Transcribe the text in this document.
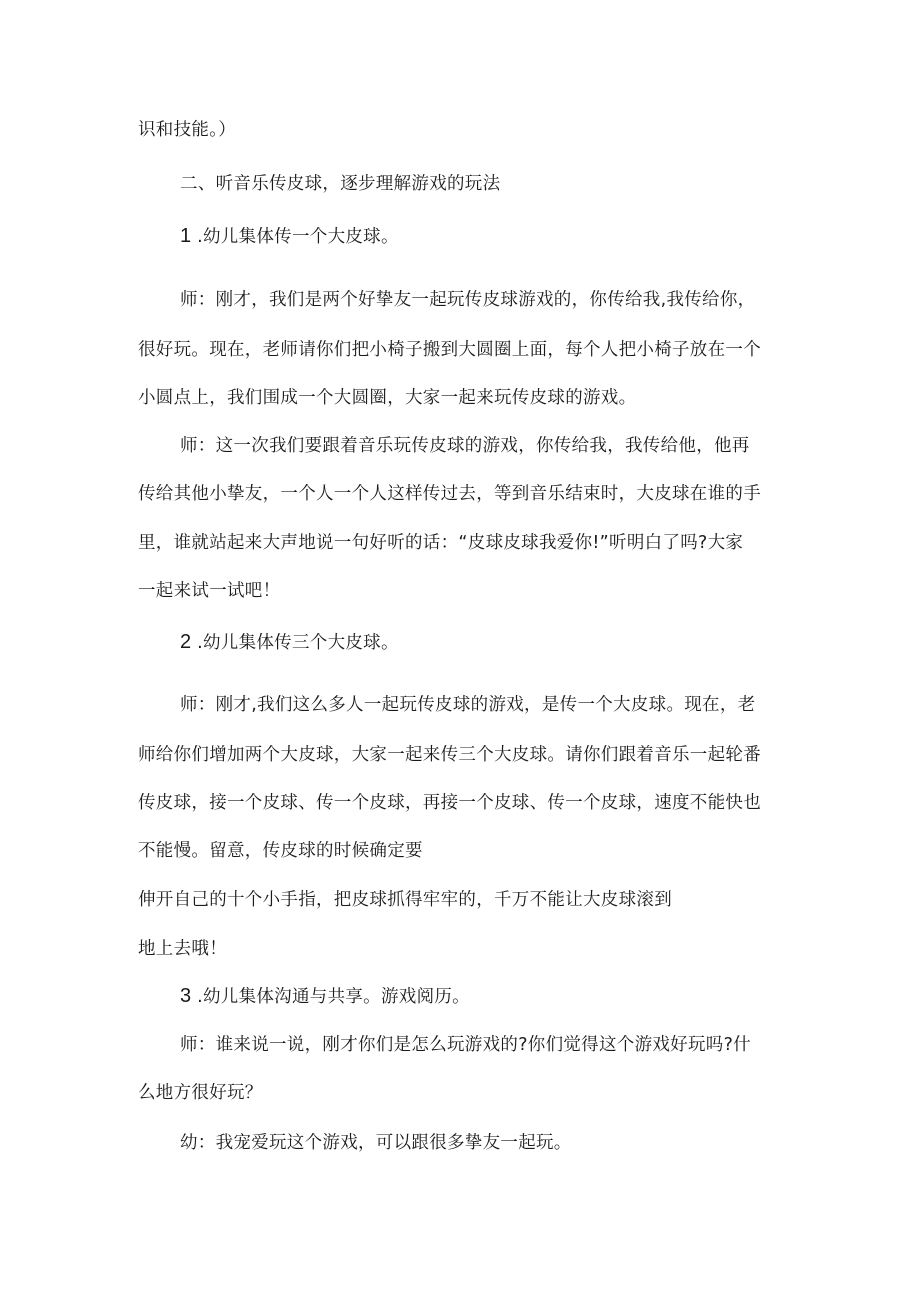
识和技能。）
二、听音乐传皮球，逐步理解游戏的玩法
1 .幼儿集体传一个大皮球。
师：刚才，我们是两个好挚友一起玩传皮球游戏的，你传给我,我传给你，
很好玩。现在，老师请你们把小椅子搬到大圆圈上面，每个人把小椅子放在一个
小圆点上，我们围成一个大圆圈，大家一起来玩传皮球的游戏。
师：这一次我们要跟着音乐玩传皮球的游戏，你传给我，我传给他，他再
传给其他小挚友，一个人一个人这样传过去，等到音乐结束时，大皮球在谁的手
里，谁就站起来大声地说一句好听的话：“皮球皮球我爱你!”听明白了吗?大家
一起来试一试吧！
2 .幼儿集体传三个大皮球。
师：刚才,我们这么多人一起玩传皮球的游戏，是传一个大皮球。现在，老
师给你们增加两个大皮球，大家一起来传三个大皮球。请你们跟着音乐一起轮番
传皮球，接一个皮球、传一个皮球，再接一个皮球、传一个皮球，速度不能快也
不能慢。留意，传皮球的时候确定要
伸开自己的十个小手指，把皮球抓得牢牢的，千万不能让大皮球滚到
地上去哦！
3 .幼儿集体沟通与共享。游戏阅历。
师：谁来说一说，刚才你们是怎么玩游戏的?你们觉得这个游戏好玩吗?什
么地方很好玩？
幼：我宠爱玩这个游戏，可以跟很多挚友一起玩。
